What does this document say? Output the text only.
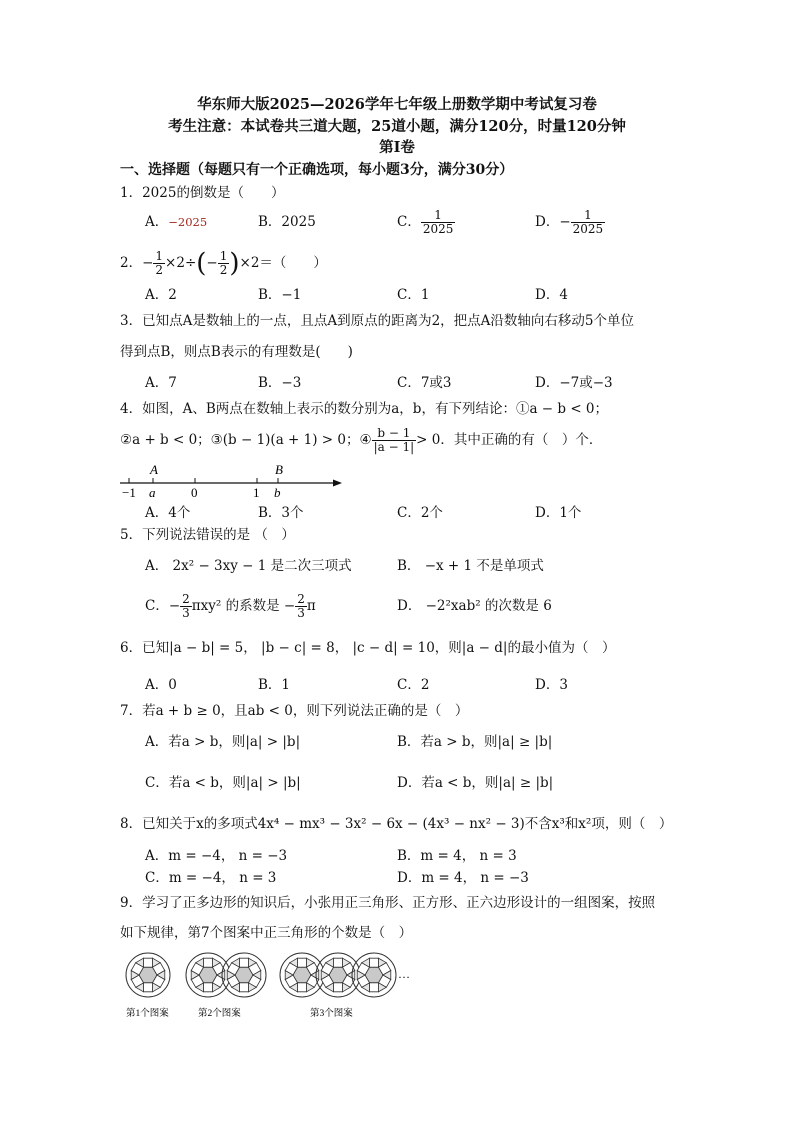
华东师大版2025—2026学年七年级上册数学期中考试复习卷
考生注意：本试卷共三道大题，25道小题，满分120分，时量120分钟
第Ⅰ卷
一、选择题（每题只有一个正确选项，每小题3分，满分30分）
1．2025的倒数是（　　）
A．−2025	B．2025	C． $\frac{1}{2025}$	D．− $\frac{1}{2025}$
2．− $\frac{1}{2} \times 2\div(- \frac{1}{2} )\times 2=$（　　）
A．2	B．−1	C．1	D．4
3．已知点A是数轴上的一点，且点A到原点的距离为2，把点A沿数轴向右移动5个单位
得到点B，则点B表示的有理数是(　　)
A．7	B．−3	C．7或3	D．−7或−3
4．如图，A、B两点在数轴上表示的数分别为a，b，有下列结论：①a − b < 0；
②a + b < 0；③(b − 1)(a + 1) > 0；④ $\frac{b - 1}{|a - 1|} > 0$．其中正确的有（　）个．
A	B
−1 a	0	1 b
A．4个	B．3个	C．2个	D．1个
5．下列说法错误的是 （　）
A． 2x² − 3xy − 1 是二次三项式	B． −x + 1 不是单项式
C．− $\frac{2}{3} \pi xy^2$ 的系数是 − $\frac{2}{3}$ π	D． −2²xab² 的次数是 6
6．已知|a − b| = 5， |b − c| = 8， |c − d| = 10，则|a − d|的最小值为（　）
A．0	B．1	C．2	D．3
7．若a + b ≥ 0，且ab < 0，则下列说法正确的是（　）
A．若a > b，则|a| > |b|	B．若a > b，则|a| ≥ |b|
C．若a < b，则|a| > |b|	D．若a < b，则|a| ≥ |b|
8．已知关于x的多项式4x⁴ − mx³ − 3x² − 6x − (4x³ − nx² − 3)不含x³和x²项，则（　）
A．m = −4， n = −3	B．m = 4， n = 3
C．m = −4， n = 3	D．m = 4， n = −3
9．学习了正多边形的知识后，小张用正三角形、正方形、正六边形设计的一组图案，按照
如下规律，第7个图案中正三角形的个数是（　）
…
第1个图案	第2个图案	第3个图案
